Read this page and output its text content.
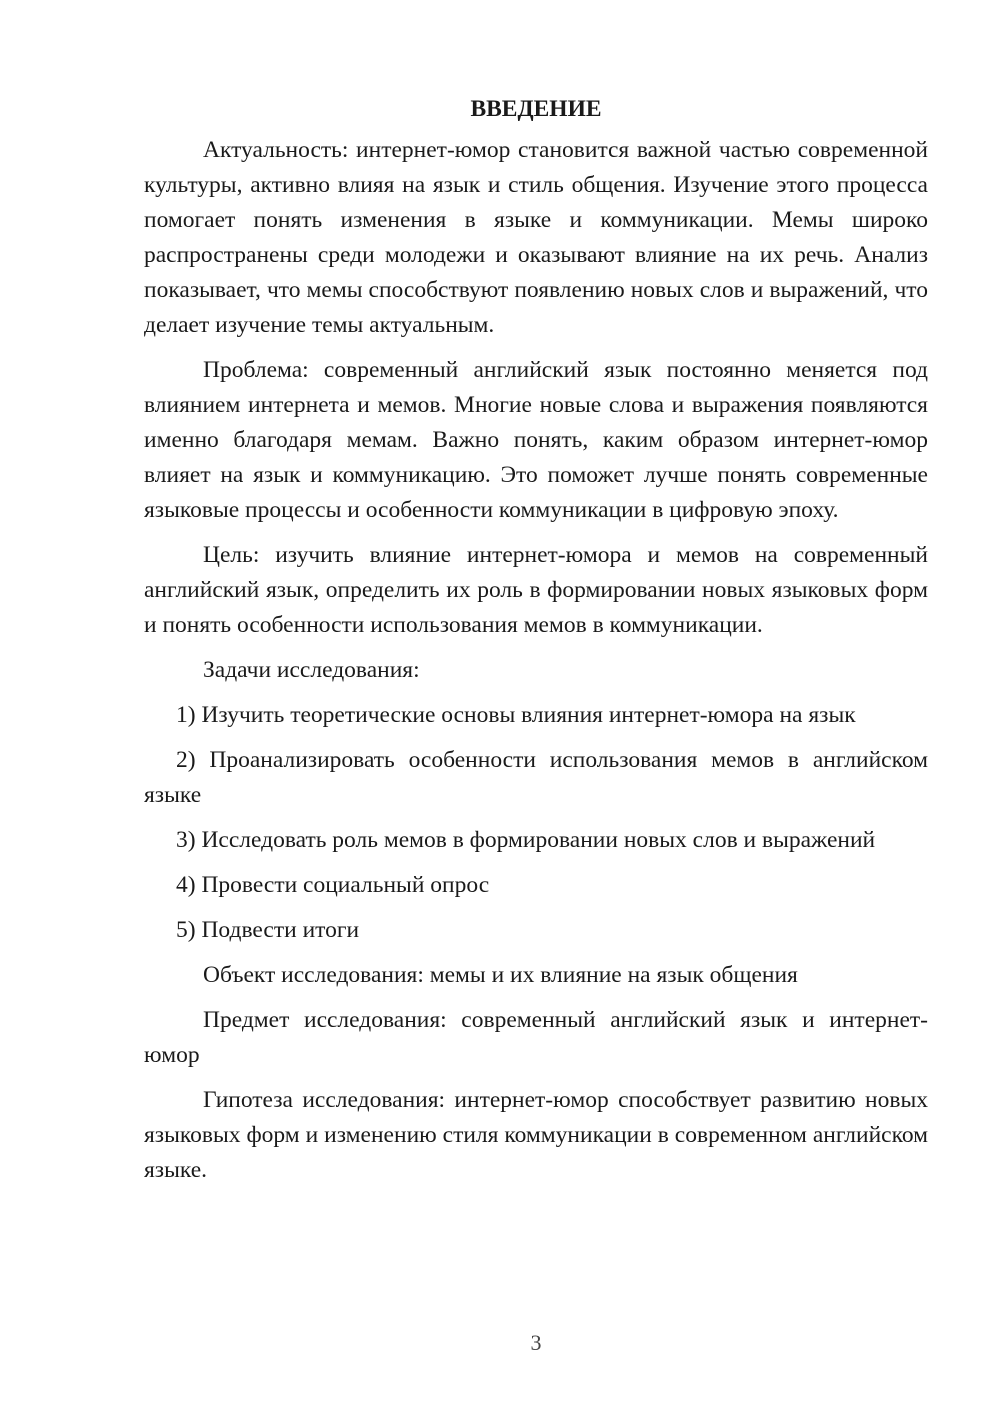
ВВЕДЕНИЕ

Актуальность: интернет-юмор становится важной частью современной культуры, активно влияя на язык и стиль общения. Изучение этого процесса помогает понять изменения в языке и коммуникации. Мемы широко распространены среди молодежи и оказывают влияние на их речь. Анализ показывает, что мемы способствуют появлению новых слов и выражений, что делает изучение темы актуальным.

Проблема: современный английский язык постоянно меняется под влиянием интернета и мемов. Многие новые слова и выражения появляются именно благодаря мемам. Важно понять, каким образом интернет-юмор влияет на язык и коммуникацию. Это поможет лучше понять современные языковые процессы и особенности коммуникации в цифровую эпоху.

Цель: изучить влияние интернет-юмора и мемов на современный английский язык, определить их роль в формировании новых языковых форм и понять особенности использования мемов в коммуникации.

Задачи исследования:

1) Изучить теоретические основы влияния интернет-юмора на язык

2) Проанализировать особенности использования мемов в английском языке

3) Исследовать роль мемов в формировании новых слов и выражений

4) Провести социальный опрос

5) Подвести итоги

Объект исследования: мемы и их влияние на язык общения

Предмет исследования: современный английский язык и интернет-юмор

Гипотеза исследования: интернет-юмор способствует развитию новых языковых форм и изменению стиля коммуникации в современном английском языке.

3
